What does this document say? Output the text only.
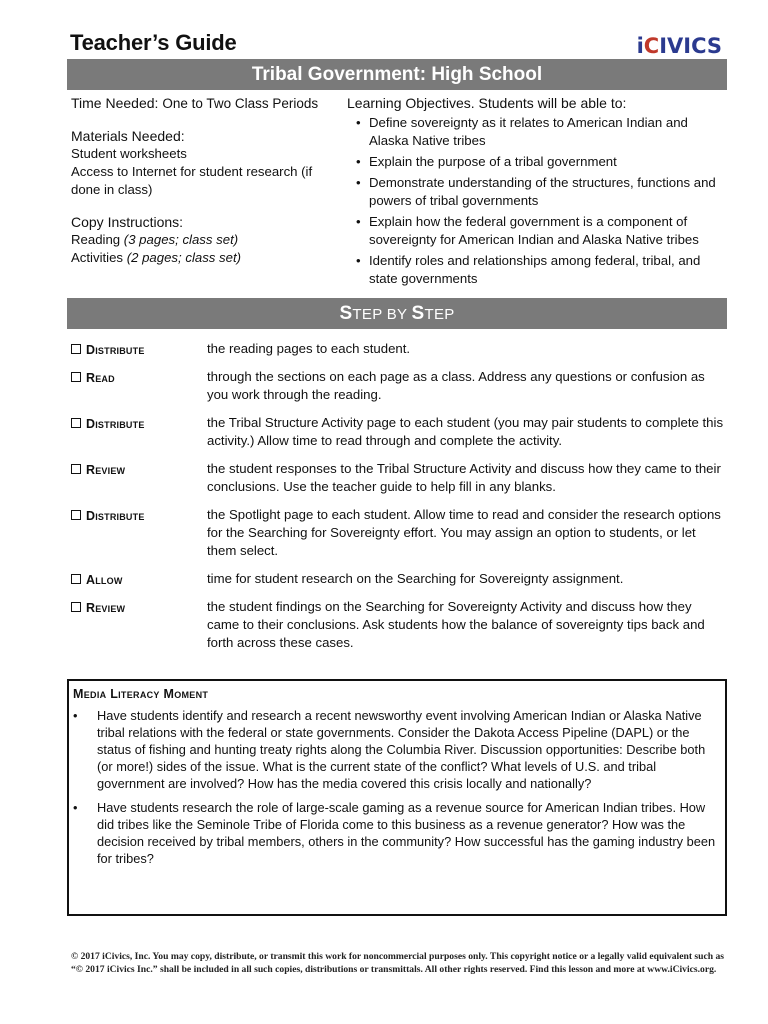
Teacher’s Guide	iCIVICS
Tribal Government: High School
Time Needed: One to Two Class Periods
Materials Needed:
Student worksheets
Access to Internet for student research (if done in class)
Copy Instructions:
Reading (3 pages; class set)
Activities (2 pages; class set)
Learning Objectives. Students will be able to:
• Define sovereignty as it relates to American Indian and Alaska Native tribes
• Explain the purpose of a tribal government
• Demonstrate understanding of the structures, functions and powers of tribal governments
• Explain how the federal government is a component of sovereignty for American Indian and Alaska Native tribes
• Identify roles and relationships among federal, tribal, and state governments
STEP BY STEP
Distribute	the reading pages to each student.
Read	through the sections on each page as a class. Address any questions or confusion as you work through the reading.
Distribute	the Tribal Structure Activity page to each student (you may pair students to complete this activity.) Allow time to read through and complete the activity.
Review	the student responses to the Tribal Structure Activity and discuss how they came to their conclusions. Use the teacher guide to help fill in any blanks.
Distribute	the Spotlight page to each student. Allow time to read and consider the research options for the Searching for Sovereignty effort. You may assign an option to students, or let them select.
Allow	time for student research on the Searching for Sovereignty assignment.
Review	the student findings on the Searching for Sovereignty Activity and discuss how they came to their conclusions. Ask students how the balance of sovereignty tips back and forth across these cases.
Media Literacy Moment
• Have students identify and research a recent newsworthy event involving American Indian or Alaska Native tribal relations with the federal or state governments. Consider the Dakota Access Pipeline (DAPL) or the status of fishing and hunting treaty rights along the Columbia River. Discussion opportunities: Describe both (or more!) sides of the issue. What is the current state of the conflict? What levels of U.S. and tribal government are involved? How has the media covered this crisis locally and nationally?
• Have students research the role of large-scale gaming as a revenue source for American Indian tribes. How did tribes like the Seminole Tribe of Florida come to this business as a revenue generator? How was the decision received by tribal members, others in the community? How successful has the gaming industry been for tribes?
© 2017 iCivics, Inc. You may copy, distribute, or transmit this work for noncommercial purposes only. This copyright notice or a legally valid equivalent such as “© 2017 iCivics Inc.” shall be included in all such copies, distributions or transmittals. All other rights reserved. Find this lesson and more at www.iCivics.org.
